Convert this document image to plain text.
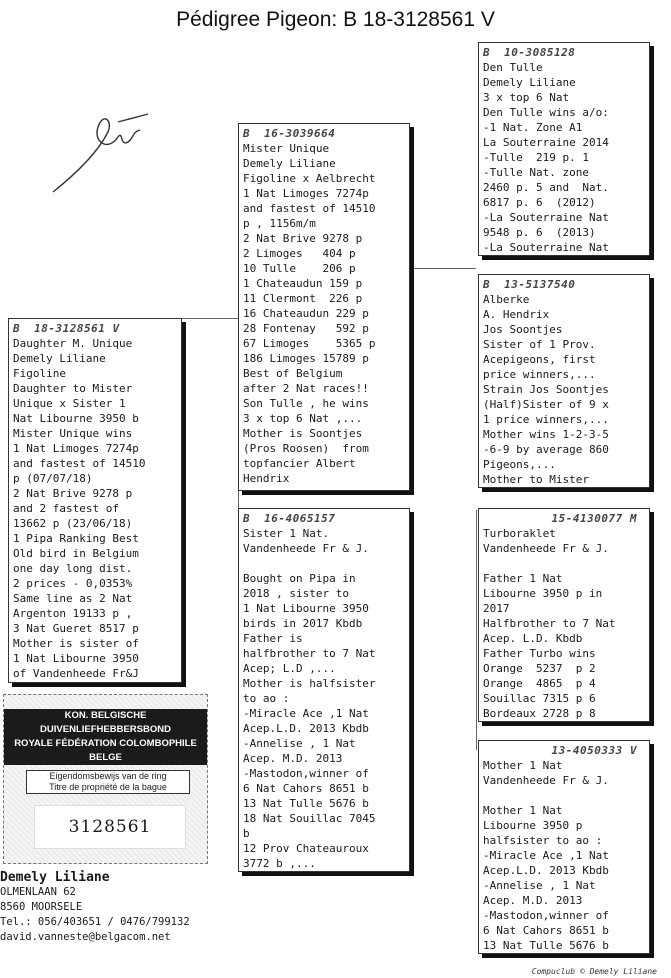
Pédigree Pigeon: B 18-3128561 V
B 18-3128561 V
Daughter M. Unique
Demely Liliane
Figoline
Daughter to Mister
Unique x Sister 1
Nat Libourne 3950 b
Mister Unique wins
1 Nat Limoges 7274p
and fastest of 14510
p (07/07/18)
2 Nat Brive 9278 p
and 2 fastest of
13662 p (23/06/18)
1 Pipa Ranking Best
Old bird in Belgium
one day long dist.
2 prices - 0,0353%
Same line as 2 Nat
Argenton 19133 p ,
3 Nat Gueret 8517 p
Mother is sister of
1 Nat Libourne 3950
of Vandenheede Fr&J
B 16-3039664
Mister Unique
Demely Liliane
Figoline x Aelbrecht
1 Nat Limoges 7274p
and fastest of 14510
p , 1156m/m
2 Nat Brive 9278 p
2 Limoges   404 p
10 Tulle    206 p
1 Chateaudun 159 p
11 Clermont  226 p
16 Chateaudun 229 p
28 Fontenay   592 p
67 Limoges    5365 p
186 Limoges 15789 p
Best of Belgium
after 2 Nat races!!
Son Tulle , he wins
3 x top 6 Nat ,...
Mother is Soontjes
(Pros Roosen)  from
topfancier Albert
Hendrix
B 16-4065157
Sister 1 Nat.
Vandenheede Fr & J.

Bought on Pipa in
2018 , sister to
1 Nat Libourne 3950
birds in 2017 Kbdb
Father is
halfbrother to 7 Nat
Acep; L.D ,...
Mother is halfsister
to ao :
-Miracle Ace ,1 Nat
Acep.L.D. 2013 Kbdb
-Annelise , 1 Nat
Acep. M.D. 2013
-Mastodon,winner of
6 Nat Cahors 8651 b
13 Nat Tulle 5676 b
18 Nat Souillac 7045
b
12 Prov Chateauroux
3772 b ,...
B 10-3085128
Den Tulle
Demely Liliane
3 x top 6 Nat
Den Tulle wins a/o:
-1 Nat. Zone A1
La Souterraine 2014
-Tulle  219 p. 1
-Tulle Nat. zone
2460 p. 5 and  Nat.
6817 p. 6  (2012)
-La Souterraine Nat
9548 p. 6  (2013)
-La Souterraine Nat
B 13-5137540
Alberke
A. Hendrix
Jos Soontjes
Sister of 1 Prov.
Acepigeons, first
price winners,...
Strain Jos Soontjes
(Half)Sister of 9 x
1 price winners,...
Mother wins 1-2-3-5
-6-9 by average 860
Pigeons,...
Mother to Mister
15-4130077 M
Turboraklet
Vandenheede Fr & J.

Father 1 Nat
Libourne 3950 p in
2017
Halfbrother to 7 Nat
Acep. L.D. Kbdb
Father Turbo wins
Orange  5237  p 2
Orange  4865  p 4
Souillac 7315 p 6
Bordeaux 2728 p 8
13-4050333 V
Mother 1 Nat
Vandenheede Fr & J.

Mother 1 Nat
Libourne 3950 p
halfsister to ao :
-Miracle Ace ,1 Nat
Acep.L.D. 2013 Kbdb
-Annelise , 1 Nat
Acep. M.D. 2013
-Mastodon,winner of
6 Nat Cahors 8651 b
13 Nat Tulle 5676 b
KON. BELGISCHE DUIVENLIEFHEBBERSBOND
ROYALE FÉDÉRATION COLOMBOPHILE BELGE
2018	BELG
Eigendomsbewijs van de ring
Titre de propriété de la bague
3128561
Demely Liliane
OLMENLAAN 62
8560 MOORSELE
Tel.: 056/403651 / 0476/799132
david.vanneste@belgacom.net
Compuclub © Demely Liliane
